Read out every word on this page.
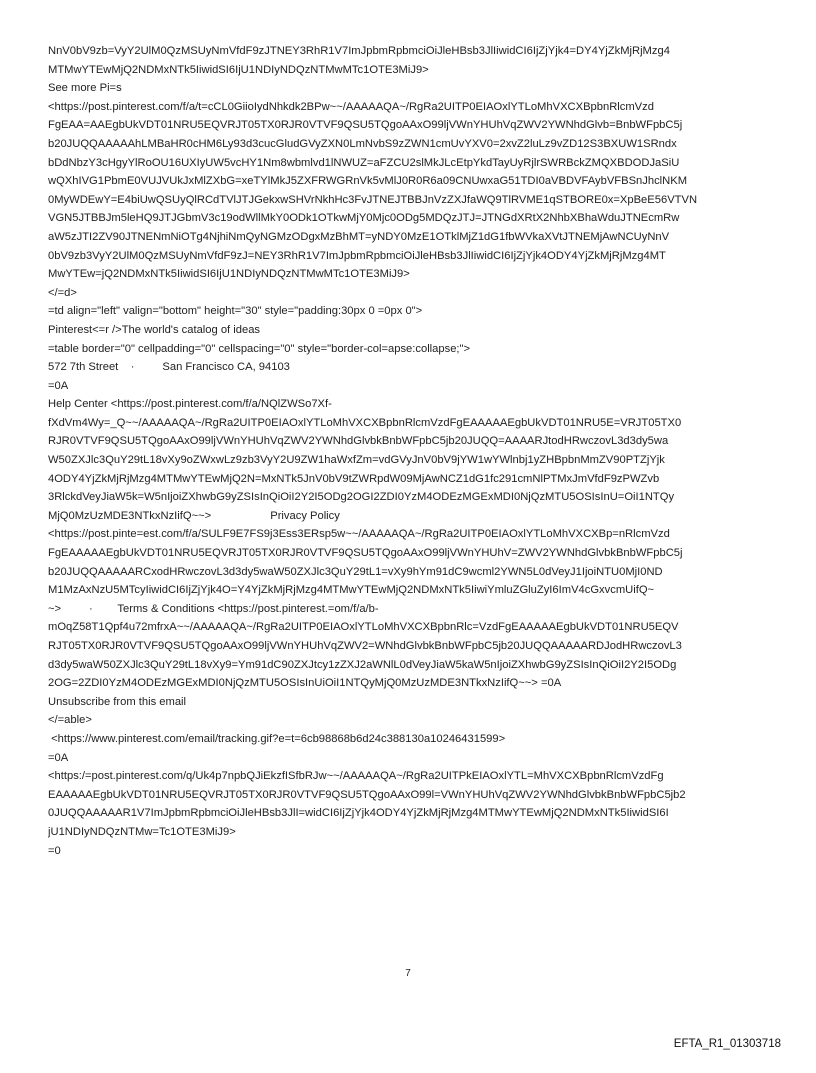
NnV0bV9zb=VyY2UlM0QzMSUyNmVfdF9zJTNEY3RhR1V7ImJpbmRpbmciOiJleHBsb3JlIiwidCI6IjZjYjk4=DY4YjZkMjRjMzg4
MTMwYTEwMjQ2NDMxNTk5IiwidSI6IjU1NDIyNDQzNTMwMTc1OTE3MiJ9>
See more Pi=s
<https://post.pinterest.com/f/a/t=cCL0GiioIydNhkdk2BPw~~/AAAAAQA~/RgRa2UITP0EIAOxlYTLoMhVXCXBpbnRlcmVzd
FgEAA=AAEgbUkVDT01NRU5EQVRJT05TX0RJR0VTVF9QSU5TQgoAAxO99ljVWnYHUhVqZWV2YWNhdGlvb=BnbWFpbC5j
b20JUQQAAAAAhLMBaHR0cHM6Ly93d3cucGludGVyZXN0LmNvbS9zZWN1cmUvYXV0=2xvZ2luLz9vZD12S3BXUW1SRndx
bDdNbzY3cHgyYlRoOU16UXIyUW5vcHY1Nm8wbmlvd1lNWUZ=aFZCU2slMkJLcEtpYkdTayUyRjlrSWRBckZMQXBDODJaSiU
wQXhIVG1PbmE0VUJVUkJxMlZXbG=xeTYlMkJ5ZXFRWGRnVk5vMlJ0R0R6a09CNUwxaG51TDI0aVBDVFAybVFBSnJhclNKM
0MyWDEwY=E4biUwQSUyQlRCdTVlJTJGekxwSHVrNkhHc3FvJTNEJTBBJnVzZXJfaWQ9TlRVME1qSTBORE0x=XpBeE56VTVN
VGN5JTBBJm5leHQ9JTJGbmV3c19odWllMkY0ODk1OTkwMjY0Mjc0ODg5MDQzJTJ=JTNGdXRtX2NhbXBhaWduJTNEcmRw
aW5zJTI2ZV90JTNENmNiOTg4NjhiNmQyNGMzODgxMzBhMT=yNDY0MzE1OTklMjZ1dG1fbWVkaXVtJTNEMjAwNCUyNnV
0bV9zb3VyY2UlM0QzMSUyNmVfdF9zJ=NEY3RhR1V7ImJpbmRpbmciOiJleHBsb3JlIiwidCI6IjZjYjk4ODY4YjZkMjRjMzg4MT
MwYTEw=jQ2NDMxNTk5IiwidSI6IjU1NDIyNDQzNTMwMTc1OTE3MiJ9>
</=d>
=td align="left" valign="bottom" height="30" style="padding:30px 0 =0px 0">
Pinterest<=r />The world's catalog of ideas
=table border="0" cellpadding="0" cellspacing="0" style="border-col=apse:collapse;">
572 7th Street    ·         San Francisco CA, 94103
=0A
Help Center <https://post.pinterest.com/f/a/NQlZWSo7Xf-
fXdVm4Wy=_Q~~/AAAAAQA~/RgRa2UITP0EIAOxlYTLoMhVXCXBpbnRlcmVzdFgEAAAAAEgbUkVDT01NRU5E=VRJT05TX0
RJR0VTVF9QSU5TQgoAAxO99ljVWnYHUhVqZWV2YWNhdGlvbkBnbWFpbC5jb20JUQQ=AAAARJtodHRwczovL3d3dy5wa
W50ZXJlc3QuY29tL18vXy9oZWxwLz9zb3VyY2U9ZW1haWxfZm=vdGVyJnV0bV9jYW1wYWlnbj1yZHBpbnMmZV90PTZjYjk
4ODY4YjZkMjRjMzg4MTMwYTEwMjQ2N=MxNTk5JnV0bV9tZWRpdW09MjAwNCZ1dG1fc291cmNlPTMxJmVfdF9zPWZvb
3RlckdVeyJiaW5k=W5nIjoiZXhwbG9yZSIsInQiOiI2Y2I5ODg2OGI2ZDI0YzM4ODEzMGExMDI0NjQzMTU5OSIsInU=OiI1NTQy
MjQ0MzUzMDE3NTkxNzIifQ~~>                   Privacy Policy
<https://post.pinte=est.com/f/a/SULF9E7FS9j3Ess3ERsp5w~~/AAAAAQA~/RgRa2UITP0EIAOxlYTLoMhVXCXBp=nRlcmVzd
FgEAAAAAEgbUkVDT01NRU5EQVRJT05TX0RJR0VTVF9QSU5TQgoAAxO99ljVWnYHUhV=ZWV2YWNhdGlvbkBnbWFpbC5j
b20JUQQAAAAARCxodHRwczovL3d3dy5waW50ZXJlc3QuY29tL1=vXy9hYm91dC9wcml2YWN5L0dVeyJ1IjoiNTU0MjI0ND
M1MzAxNzU5MTcyIiwidCI6IjZjYjk4O=Y4YjZkMjRjMzg4MTMwYTEwMjQ2NDMxNTk5IiwiYmluZGluZyI6ImV4cGxvcmUifQ~
~>         ·        Terms & Conditions <https://post.pinterest.=om/f/a/b-
mOqZ58T1Qpf4u72mfrxA~~/AAAAAQA~/RgRa2UITP0EIAOxlYTLoMhVXCXBpbnRlc=VzdFgEAAAAAEgbUkVDT01NRU5EQV
RJT05TX0RJR0VTVF9QSU5TQgoAAxO99ljVWnYHUhVqZWV2=WNhdGlvbkBnbWFpbC5jb20JUQQAAAAARDJodHRwczovL3
d3dy5waW50ZXJlc3QuY29tL18vXy9=Ym91dC90ZXJtcy1zZXJ2aWNlL0dVeyJiaW5kaW5nIjoiZXhwbG9yZSIsInQiOiI2Y2I5ODg
2OG=2ZDI0YzM4ODEzMGExMDI0NjQzMTU5OSIsInUiOiI1NTQyMjQ0MzUzMDE3NTkxNzIifQ~~> =0A
Unsubscribe from this email
</=able>
<https://www.pinterest.com/email/tracking.gif?e=t=6cb98868b6d24c388130a10246431599>
=0A
<https:/=post.pinterest.com/q/Uk4p7npbQJiEkzfISfbRJw~~/AAAAAQA~/RgRa2UITPkEIAOxlYTL=MhVXCXBpbnRlcmVzdFg
EAAAAAEgbUkVDT01NRU5EQVRJT05TX0RJR0VTVF9QSU5TQgoAAxO99l=VWnYHUhVqZWV2YWNhdGlvbkBnbWFpbC5jb2
0JUQQAAAAAR1V7ImJpbmRpbmciOiJleHBsb3JlI=widCI6IjZjYjk4ODY4YjZkMjRjMzg4MTMwYTEwMjQ2NDMxNTk5IiwidSI6I
jU1NDIyNDQzNTMw=Tc1OTE3MiJ9>
=0
7
EFTA_R1_01303718
